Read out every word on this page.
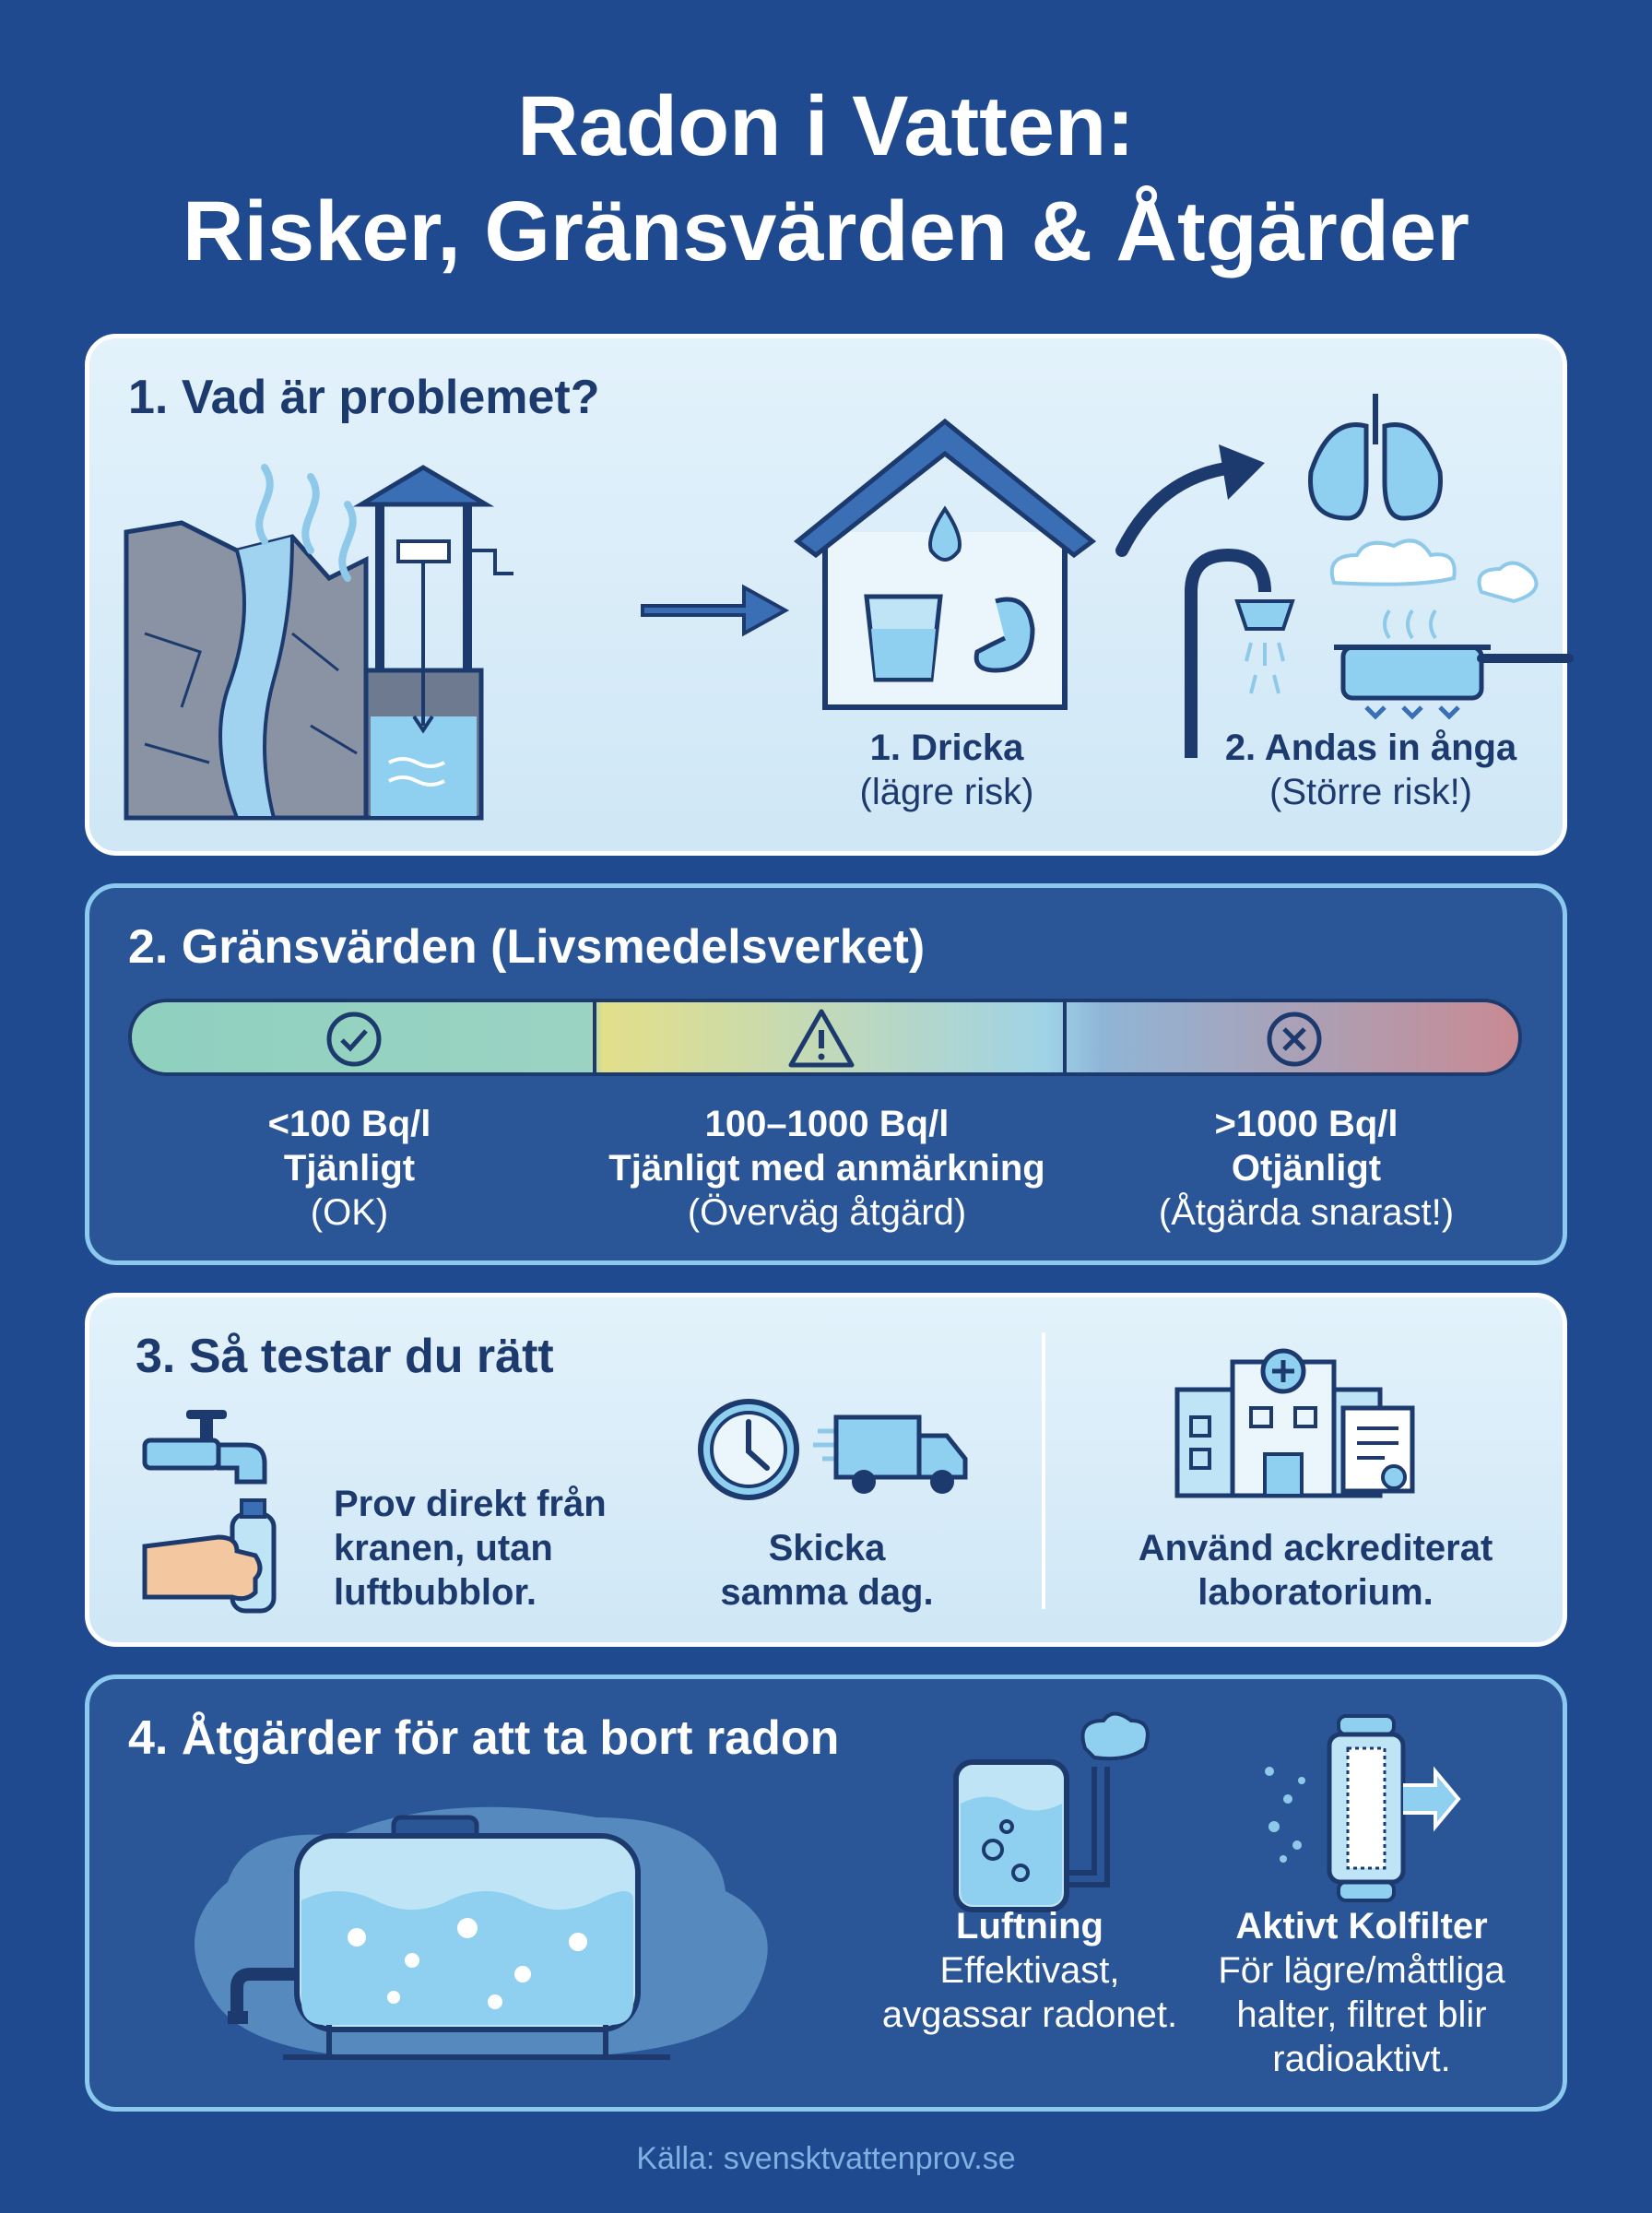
Radon i Vatten:
Risker, Gränsvärden & Åtgärder
1. Vad är problemet?
1. Dricka
(lägre risk)
2. Andas in ånga
(Större risk!)
2. Gränsvärden (Livsmedelsverket)
<100 Bq/l
Tjänligt
(OK)
100–1000 Bq/l
Tjänligt med anmärkning
(Överväg åtgärd)
>1000 Bq/l
Otjänligt
(Åtgärda snarast!)
3. Så testar du rätt
Prov direkt från
kranen, utan
luftbubblor.
Skicka
samma dag.
Använd ackrediterat
laboratorium.
4. Åtgärder för att ta bort radon
Luftning
Effektivast,
avgassar radonet.
Aktivt Kolfilter
För lägre/måttliga
halter, filtret blir
radioaktivt.
Källa: svensktvattenprov.se
